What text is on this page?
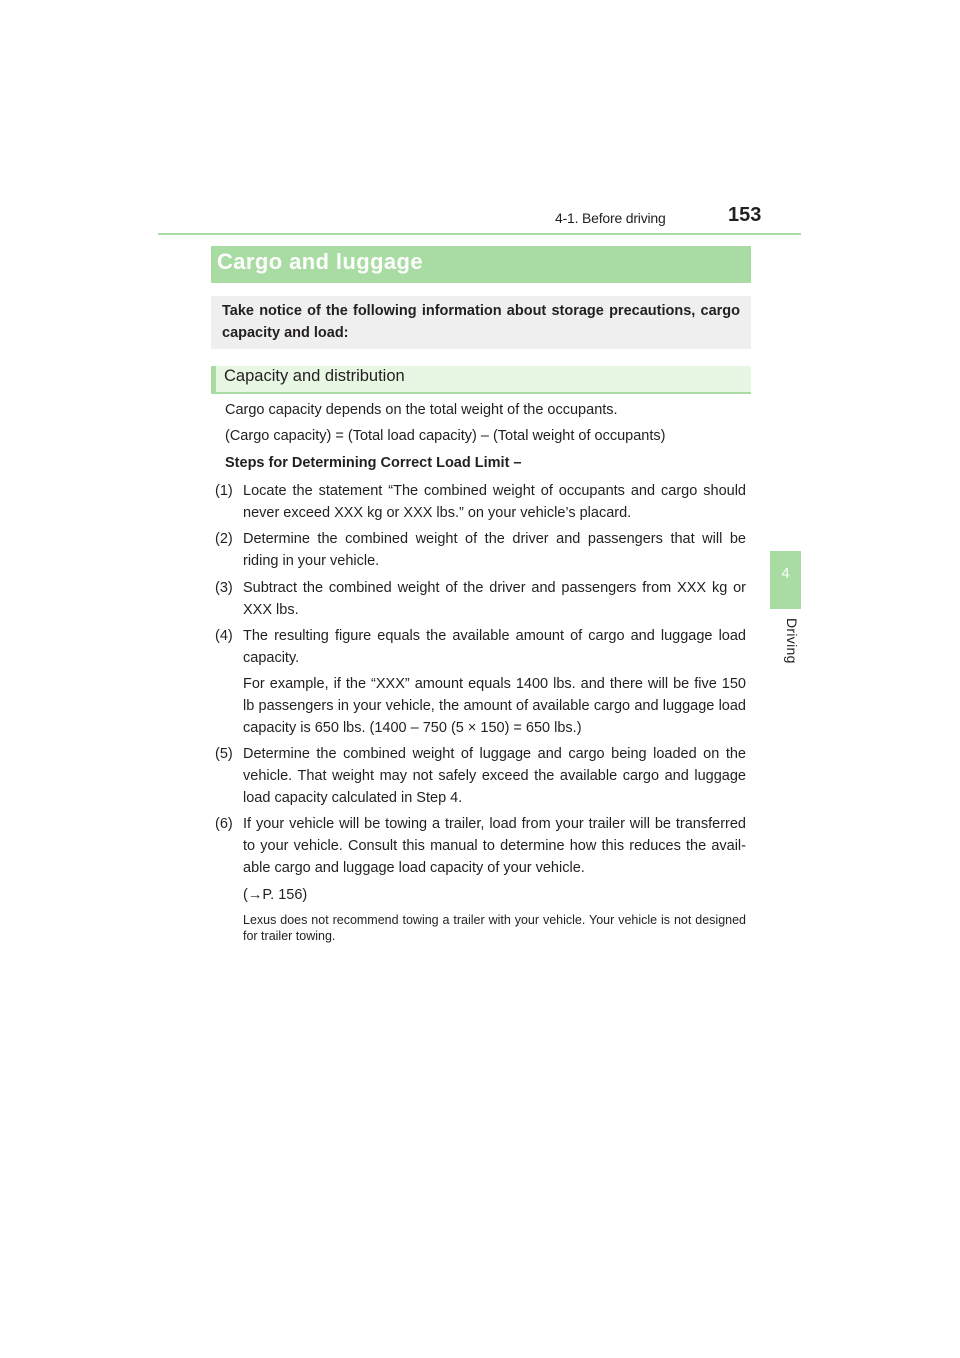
4-1. Before driving	153
4
Driving
Cargo and luggage
Take notice of the following information about storage precautions, cargo capacity and load:
Capacity and distribution
Cargo capacity depends on the total weight of the occupants.
(Cargo capacity) = (Total load capacity) – (Total weight of occupants)
Steps for Determining Correct Load Limit –
(1) Locate the statement “The combined weight of occupants and cargo should never exceed XXX kg or XXX lbs.” on your vehicle’s placard.
(2) Determine the combined weight of the driver and passengers that will be riding in your vehicle.
(3) Subtract the combined weight of the driver and passengers from XXX kg or XXX lbs.
(4) The resulting figure equals the available amount of cargo and luggage load capacity.
For example, if the “XXX” amount equals 1400 lbs. and there will be five 150 lb passengers in your vehicle, the amount of available cargo and luggage load capacity is 650 lbs. (1400 – 750 (5 × 150) = 650 lbs.)
(5) Determine the combined weight of luggage and cargo being loaded on the vehicle. That weight may not safely exceed the available cargo and luggage load capacity calculated in Step 4.
(6) If your vehicle will be towing a trailer, load from your trailer will be transferred to your vehicle. Consult this manual to determine how this reduces the avail-able cargo and luggage load capacity of your vehicle.
(→P. 156)
Lexus does not recommend towing a trailer with your vehicle. Your vehicle is not designed for trailer towing.
